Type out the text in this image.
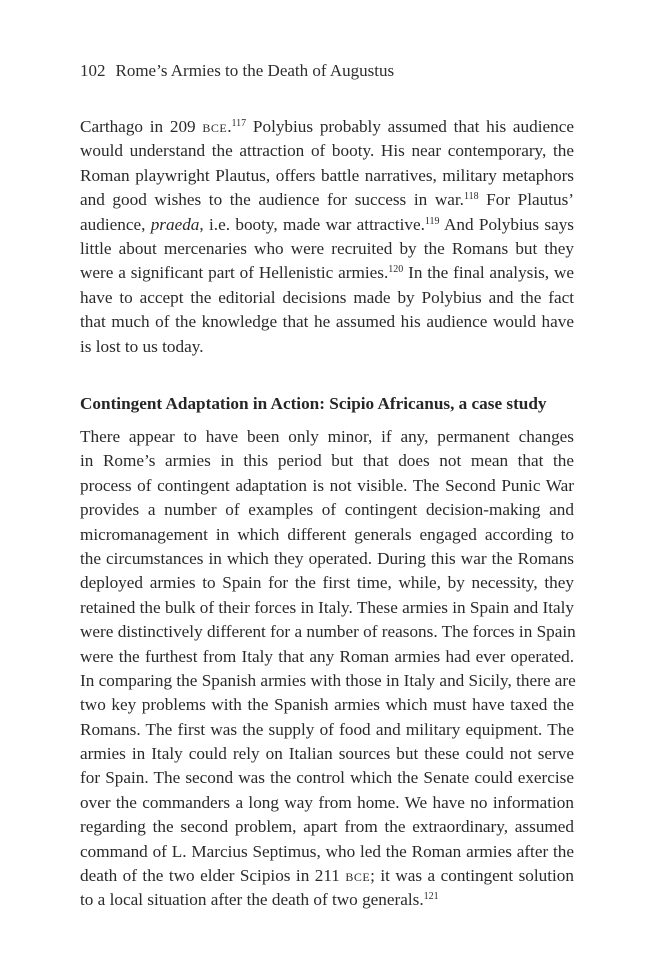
102 Rome’s Armies to the Death of Augustus
Carthago in 209 BCE.$^{117}$ Polybius probably assumed that his audience
would understand the attraction of booty. His near contemporary, the
Roman playwright Plautus, offers battle narratives, military metaphors
and good wishes to the audience for success in war.$^{118}$ For Plautus’
audience, praeda, i.e. booty, made war attractive.$^{119}$ And Polybius says
little about mercenaries who were recruited by the Romans but they
were a significant part of Hellenistic armies.$^{120}$ In the final analysis, we
have to accept the editorial decisions made by Polybius and the fact
that much of the knowledge that he assumed his audience would have
is lost to us today.
Contingent Adaptation in Action: Scipio Africanus, a case study
There appear to have been only minor, if any, permanent changes
in Rome’s armies in this period but that does not mean that the
process of contingent adaptation is not visible. The Second Punic War
provides a number of examples of contingent decision-making and
micromanagement in which different generals engaged according to
the circumstances in which they operated. During this war the Romans
deployed armies to Spain for the first time, while, by necessity, they
retained the bulk of their forces in Italy. These armies in Spain and Italy
were distinctively different for a number of reasons. The forces in Spain
were the furthest from Italy that any Roman armies had ever operated.
In comparing the Spanish armies with those in Italy and Sicily, there are
two key problems with the Spanish armies which must have taxed the
Romans. The first was the supply of food and military equipment. The
armies in Italy could rely on Italian sources but these could not serve
for Spain. The second was the control which the Senate could exercise
over the commanders a long way from home. We have no information
regarding the second problem, apart from the extraordinary, assumed
command of L. Marcius Septimus, who led the Roman armies after the
death of the two elder Scipios in 211 BCE; it was a contingent solution
to a local situation after the death of two generals.$^{121}$
